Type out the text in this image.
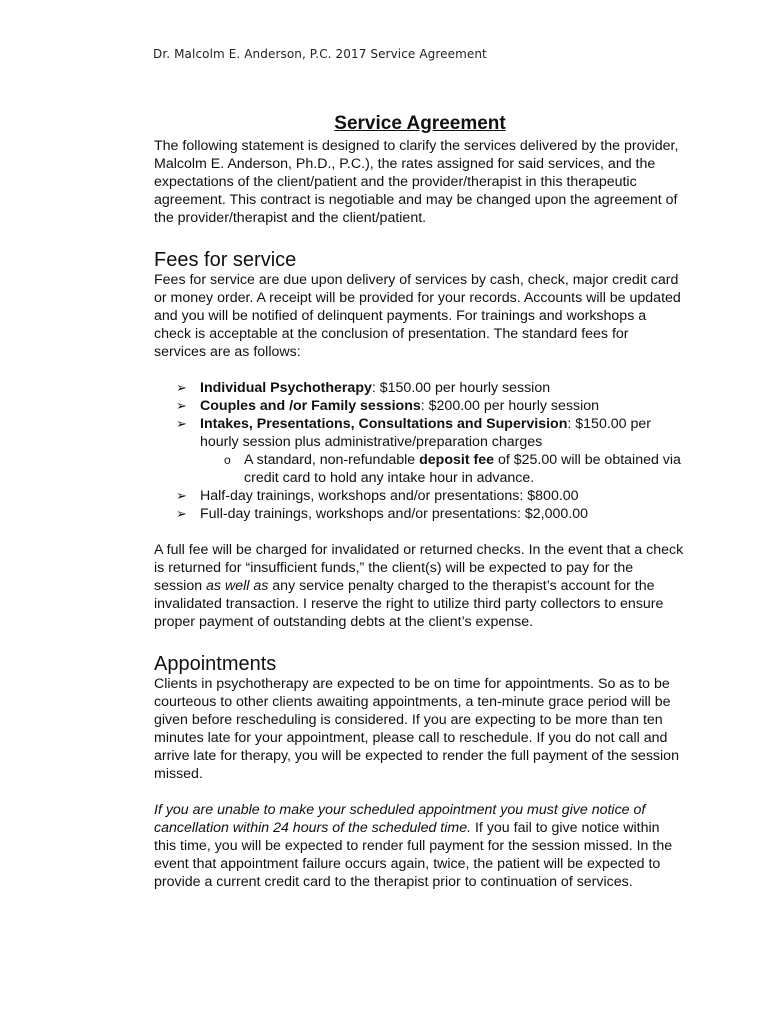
Dr. Malcolm E. Anderson, P.C. 2017 Service Agreement
Service Agreement

The following statement is designed to clarify the services delivered by the provider, Malcolm E. Anderson, Ph.D., P.C.), the rates assigned for said services, and the expectations of the client/patient and the provider/therapist in this therapeutic agreement. This contract is negotiable and may be changed upon the agreement of the provider/therapist and the client/patient.

Fees for service

Fees for service are due upon delivery of services by cash, check, major credit card or money order. A receipt will be provided for your records. Accounts will be updated and you will be notified of delinquent payments. For trainings and workshops a check is acceptable at the conclusion of presentation. The standard fees for services are as follows:

➢ Individual Psychotherapy: $150.00 per hourly session
➢ Couples and /or Family sessions: $200.00 per hourly session
➢ Intakes, Presentations, Consultations and Supervision: $150.00 per hourly session plus administrative/preparation charges
o A standard, non-refundable deposit fee of $25.00 will be obtained via credit card to hold any intake hour in advance.
➢ Half-day trainings, workshops and/or presentations: $800.00
➢ Full-day trainings, workshops and/or presentations: $2,000.00

A full fee will be charged for invalidated or returned checks. In the event that a check is returned for “insufficient funds,” the client(s) will be expected to pay for the session as well as any service penalty charged to the therapist’s account for the invalidated transaction. I reserve the right to utilize third party collectors to ensure proper payment of outstanding debts at the client’s expense.

Appointments

Clients in psychotherapy are expected to be on time for appointments. So as to be courteous to other clients awaiting appointments, a ten-minute grace period will be given before rescheduling is considered. If you are expecting to be more than ten minutes late for your appointment, please call to reschedule. If you do not call and arrive late for therapy, you will be expected to render the full payment of the session missed.

If you are unable to make your scheduled appointment you must give notice of cancellation within 24 hours of the scheduled time. If you fail to give notice within this time, you will be expected to render full payment for the session missed. In the event that appointment failure occurs again, twice, the patient will be expected to provide a current credit card to the therapist prior to continuation of services.
